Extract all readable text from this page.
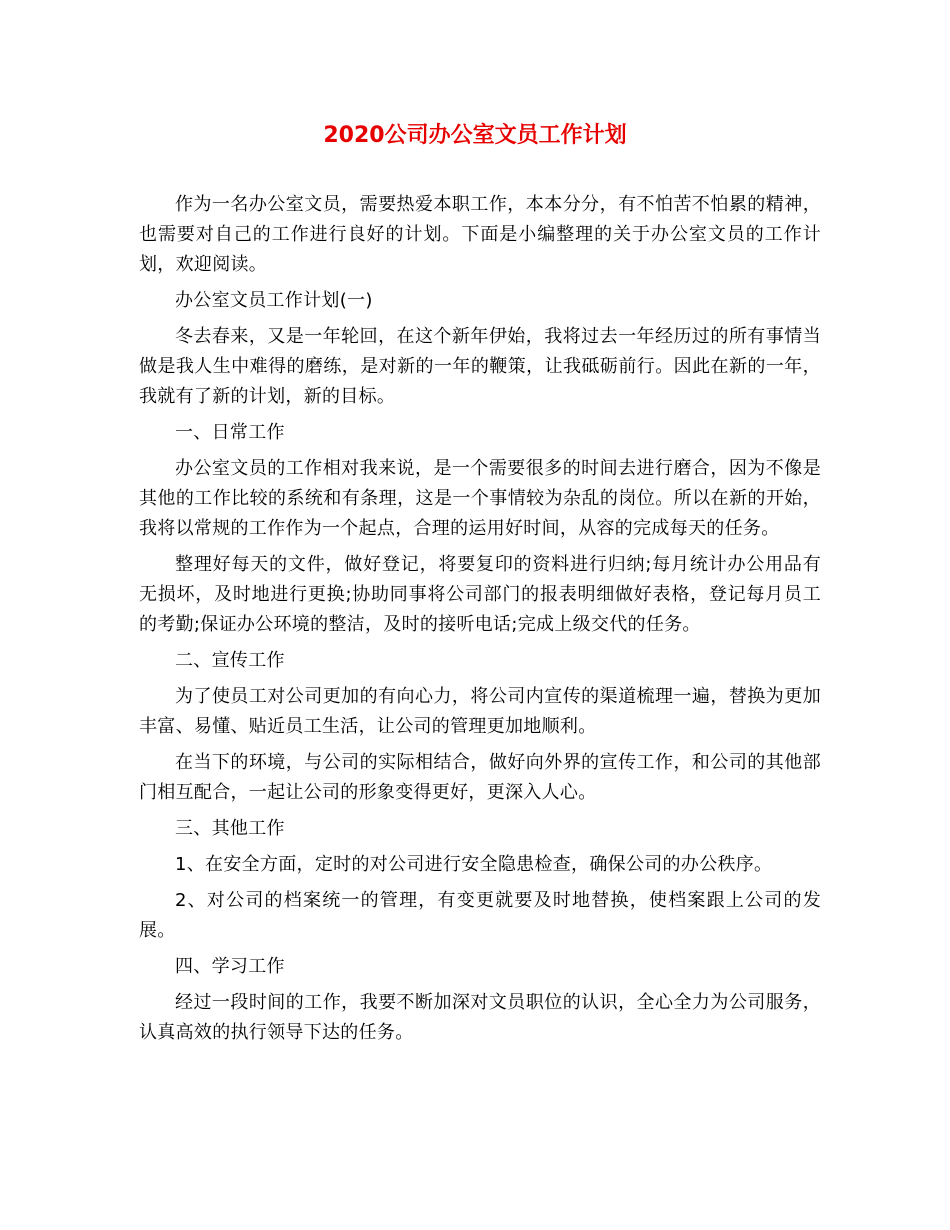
2020公司办公室文员工作计划

作为一名办公室文员，需要热爱本职工作，本本分分，有不怕苦不怕累的精神，也需要对自己的工作进行良好的计划。下面是小编整理的关于办公室文员的工作计划，欢迎阅读。

办公室文员工作计划(一)

冬去春来，又是一年轮回，在这个新年伊始，我将过去一年经历过的所有事情当做是我人生中难得的磨练，是对新的一年的鞭策，让我砥砺前行。因此在新的一年，我就有了新的计划，新的目标。

一、日常工作

办公室文员的工作相对我来说，是一个需要很多的时间去进行磨合，因为不像是其他的工作比较的系统和有条理，这是一个事情较为杂乱的岗位。所以在新的开始，我将以常规的工作作为一个起点，合理的运用好时间，从容的完成每天的任务。

整理好每天的文件，做好登记，将要复印的资料进行归纳;每月统计办公用品有无损坏，及时地进行更换;协助同事将公司部门的报表明细做好表格，登记每月员工的考勤;保证办公环境的整洁，及时的接听电话;完成上级交代的任务。

二、宣传工作

为了使员工对公司更加的有向心力，将公司内宣传的渠道梳理一遍，替换为更加丰富、易懂、贴近员工生活，让公司的管理更加地顺利。

在当下的环境，与公司的实际相结合，做好向外界的宣传工作，和公司的其他部门相互配合，一起让公司的形象变得更好，更深入人心。

三、其他工作

1、在安全方面，定时的对公司进行安全隐患检查，确保公司的办公秩序。

2、对公司的档案统一的管理，有变更就要及时地替换，使档案跟上公司的发展。

四、学习工作

经过一段时间的工作，我要不断加深对文员职位的认识，全心全力为公司服务，认真高效的执行领导下达的任务。
